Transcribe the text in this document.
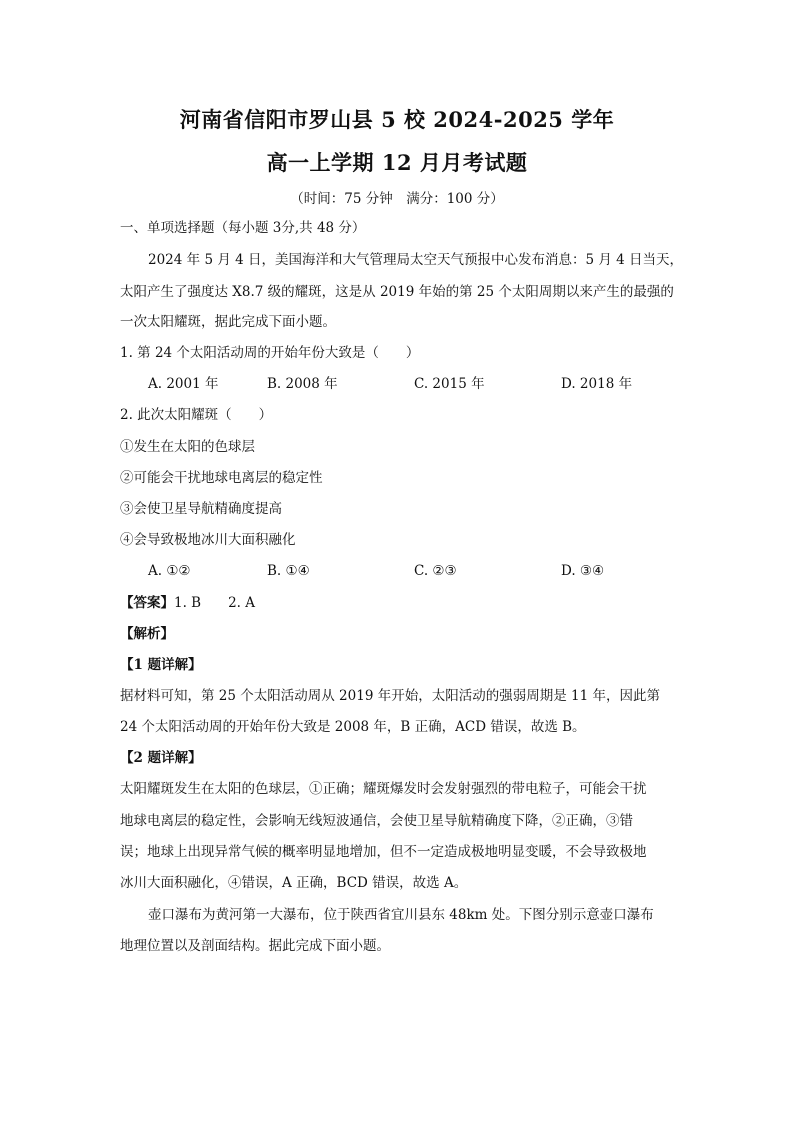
河南省信阳市罗山县 5 校 2024-2025 学年
高一上学期 12 月月考试题
（时间：75 分钟　满分：100 分）
一、单项选择题（每小题 3分,共 48 分）
2024 年 5 月 4 日，美国海洋和大气管理局太空天气预报中心发布消息：5 月 4 日当天，
太阳产生了强度达 X8.7 级的耀斑，这是从 2019 年始的第 25 个太阳周期以来产生的最强的
一次太阳耀斑，据此完成下面小题。
1. 第 24 个太阳活动周的开始年份大致是（　　）
A. 2001 年	B. 2008 年	C. 2015 年	D. 2018 年
2. 此次太阳耀斑（　　）
①发生在太阳的色球层
②可能会干扰地球电离层的稳定性
③会使卫星导航精确度提高
④会导致极地冰川大面积融化
A. ①②	B. ①④	C. ②③	D. ③④
【答案】1. B　　2. A
【解析】
【1 题详解】
据材料可知，第 25 个太阳活动周从 2019 年开始，太阳活动的强弱周期是 11 年，因此第
24 个太阳活动周的开始年份大致是 2008 年，B 正确，ACD 错误，故选 B。
【2 题详解】
太阳耀斑发生在太阳的色球层，①正确；耀斑爆发时会发射强烈的带电粒子，可能会干扰
地球电离层的稳定性，会影响无线短波通信，会使卫星导航精确度下降，②正确，③错
误；地球上出现异常气候的概率明显地增加，但不一定造成极地明显变暖，不会导致极地
冰川大面积融化，④错误，A 正确，BCD 错误，故选 A。
壶口瀑布为黄河第一大瀑布，位于陕西省宜川县东 48km 处。下图分别示意壶口瀑布
地理位置以及剖面结构。据此完成下面小题。
